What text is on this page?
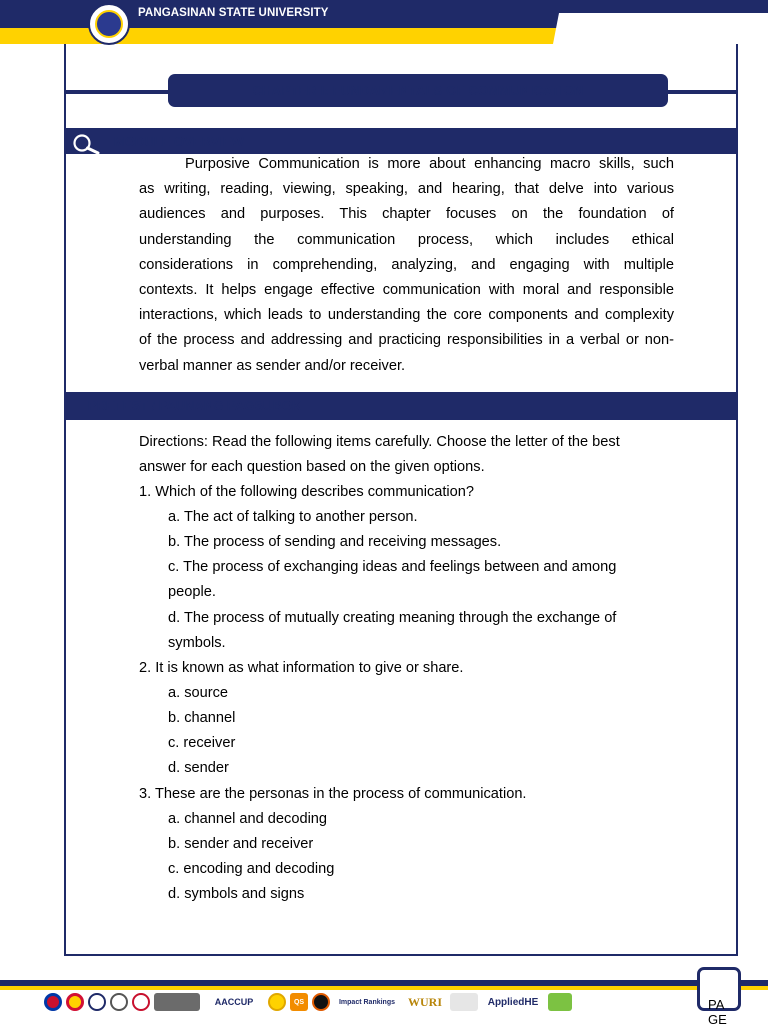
PANGASINAN STATE UNIVERSITY
CHAPTER I: FUNDAMENTALS OF COMMUNICATION
MODULE OVERVIEW
Purposive Communication is more about enhancing macro skills, such
as writing, reading, viewing, speaking, and hearing, that delve into various
audiences and purposes. This chapter focuses on the foundation of
understanding the communication process, which includes ethical
considerations in comprehending, analyzing, and engaging with multiple
contexts. It helps engage effective communication with moral and responsible
interactions, which leads to understanding the core components and complexity
of the process and addressing and practicing responsibilities in a verbal or non-
verbal manner as sender and/or receiver.
PRETEST / PAUNANG PAGSUBOK
Directions: Read the following items carefully. Choose the letter of the best
answer for each question based on the given options.
1. Which of the following describes communication?
a. The act of talking to another person.
b. The process of sending and receiving messages.
c. The process of exchanging ideas and feelings between and among
people.
d. The process of mutually creating meaning through the exchange of
symbols.
2. It is known as what information to give or share.
a. source
b. channel
c. receiver
d. sender
3. These are the personas in the process of communication.
a. channel and decoding
b. sender and receiver
c. encoding and decoding
d. symbols and signs
AACCUP	QS	Impact Rankings	WURI	AppliedHE	PA
GE
